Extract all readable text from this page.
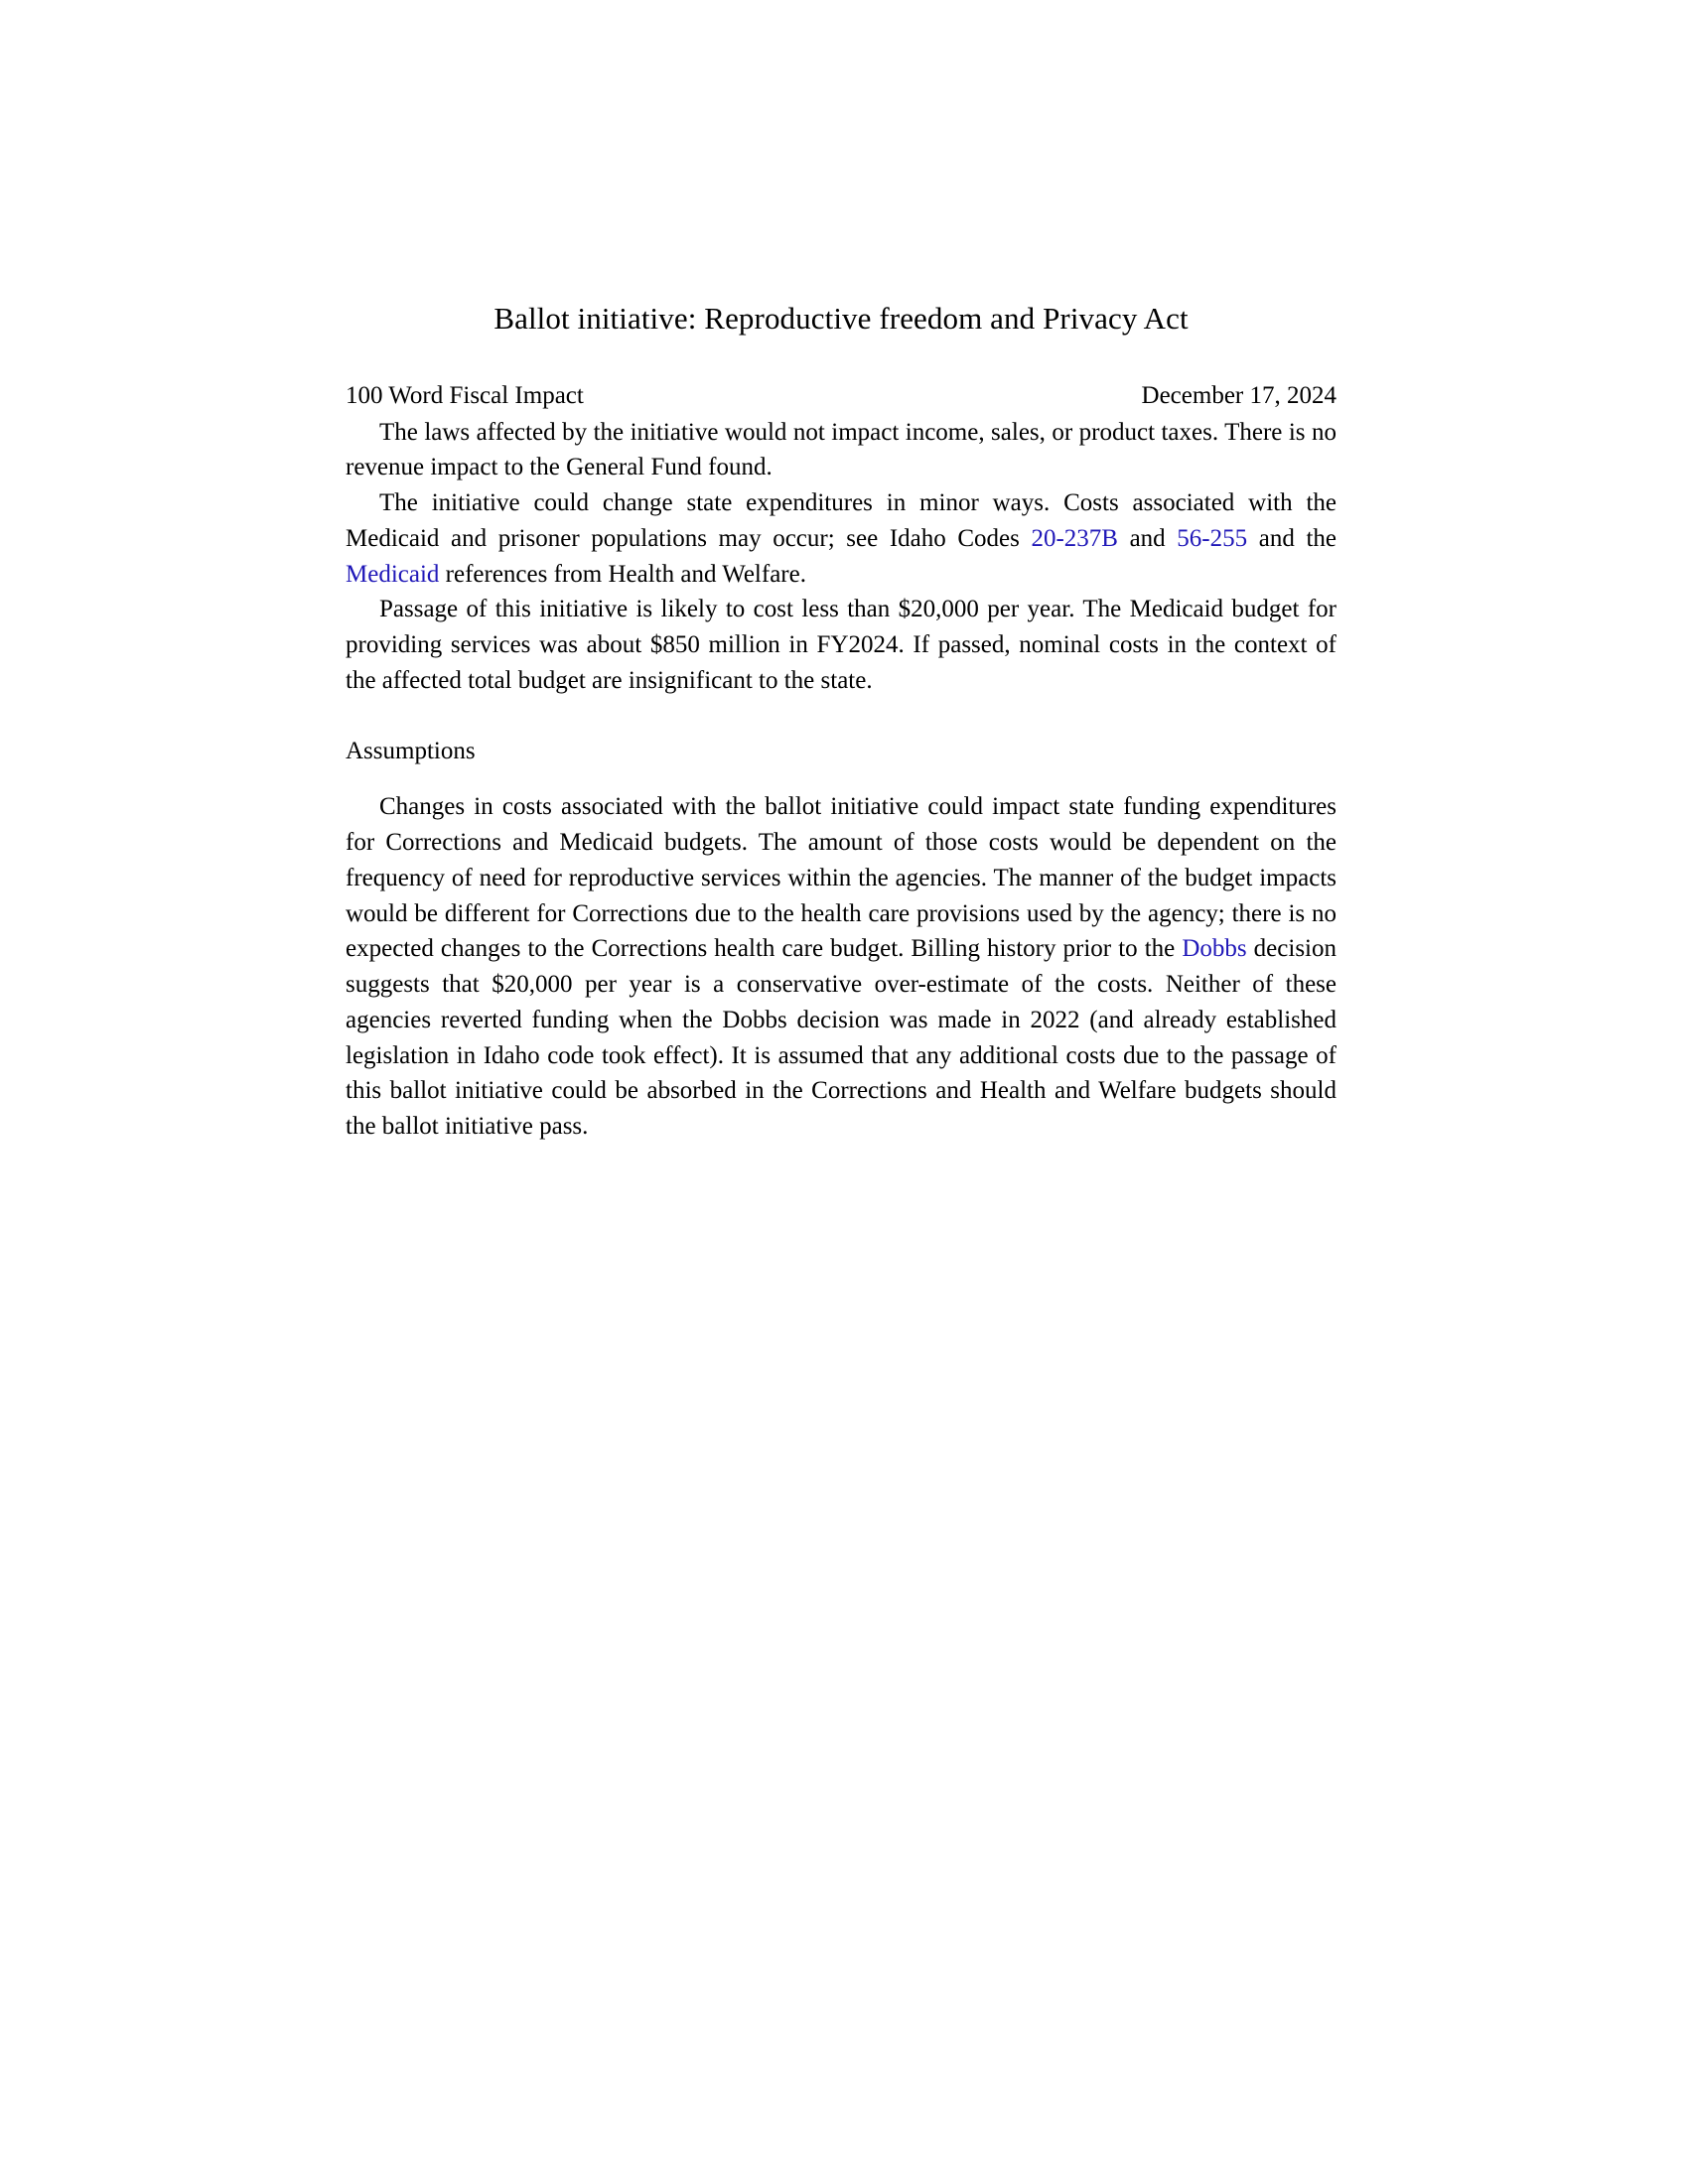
Ballot initiative: Reproductive freedom and Privacy Act
100 Word Fiscal Impact	December 17, 2024

The laws affected by the initiative would not impact income, sales, or product taxes. There is no revenue impact to the General Fund found.

The initiative could change state expenditures in minor ways. Costs associated with the Medicaid and prisoner populations may occur; see Idaho Codes 20-237B and 56-255 and the Medicaid references from Health and Welfare.

Passage of this initiative is likely to cost less than $20,000 per year. The Medicaid budget for providing services was about $850 million in FY2024. If passed, nominal costs in the context of the affected total budget are insignificant to the state.

Assumptions

Changes in costs associated with the ballot initiative could impact state funding expenditures for Corrections and Medicaid budgets. The amount of those costs would be dependent on the frequency of need for reproductive services within the agencies. The manner of the budget impacts would be different for Corrections due to the health care provisions used by the agency; there is no expected changes to the Corrections health care budget. Billing history prior to the Dobbs decision suggests that $20,000 per year is a conservative over-estimate of the costs. Neither of these agencies reverted funding when the Dobbs decision was made in 2022 (and already established legislation in Idaho code took effect). It is assumed that any additional costs due to the passage of this ballot initiative could be absorbed in the Corrections and Health and Welfare budgets should the ballot initiative pass.
